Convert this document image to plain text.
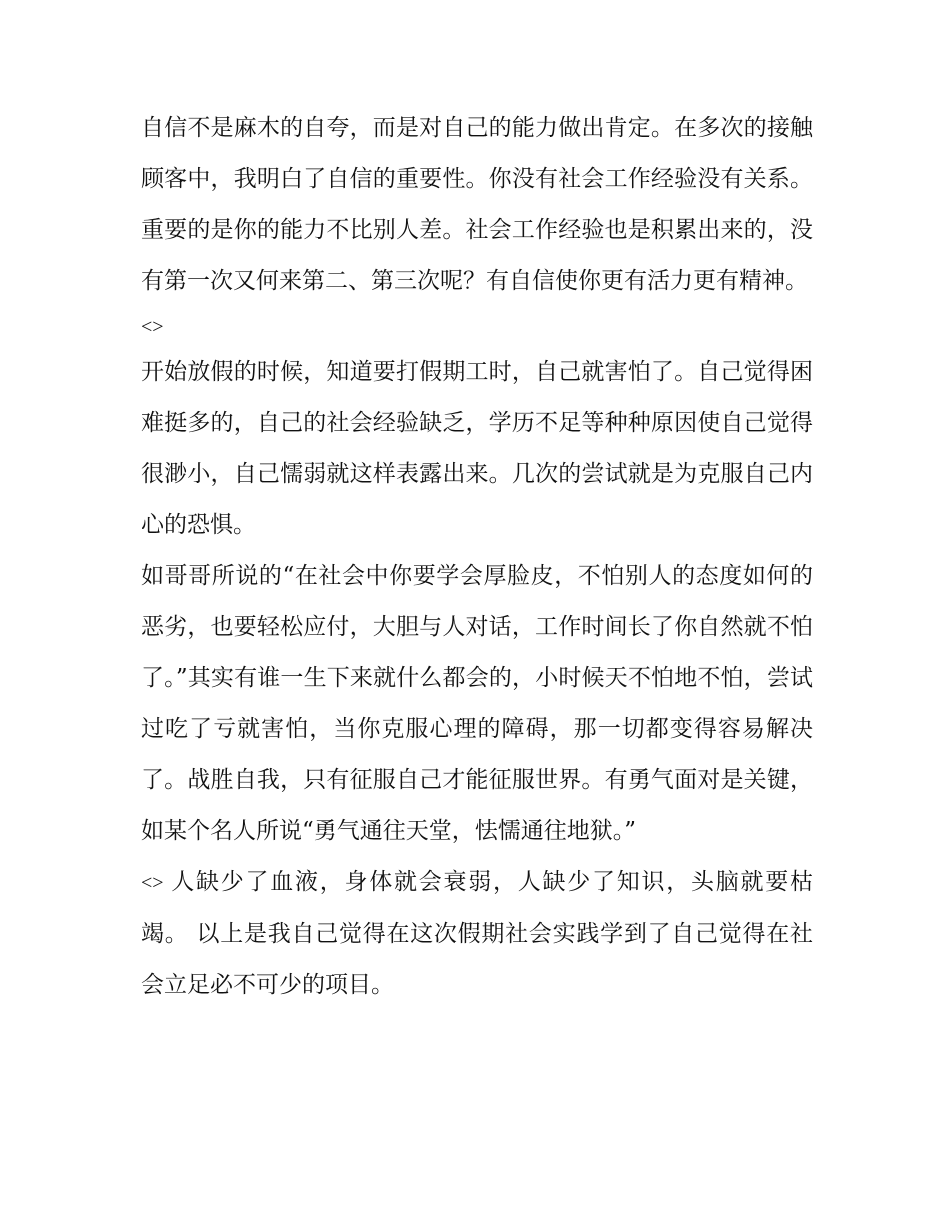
自信不是麻木的自夸，而是对自己的能力做出肯定。在多次的接触顾客中，我明白了自信的重要性。你没有社会工作经验没有关系。重要的是你的能力不比别人差。社会工作经验也是积累出来的，没有第一次又何来第二、第三次呢？有自信使你更有活力更有精神。

<>

开始放假的时候，知道要打假期工时，自己就害怕了。自己觉得困难挺多的，自己的社会经验缺乏，学历不足等种种原因使自己觉得很渺小，自己懦弱就这样表露出来。几次的尝试就是为克服自己内心的恐惧。

如哥哥所说的“在社会中你要学会厚脸皮，不怕别人的态度如何的恶劣，也要轻松应付，大胆与人对话，工作时间长了你自然就不怕了。”其实有谁一生下来就什么都会的，小时候天不怕地不怕，尝试过吃了亏就害怕，当你克服心理的障碍，那一切都变得容易解决了。战胜自我，只有征服自己才能征服世界。有勇气面对是关键，如某个名人所说“勇气通往天堂，怯懦通往地狱。”

<> 人缺少了血液，身体就会衰弱，人缺少了知识，头脑就要枯竭。 以上是我自己觉得在这次假期社会实践学到了自己觉得在社会立足必不可少的项目。
